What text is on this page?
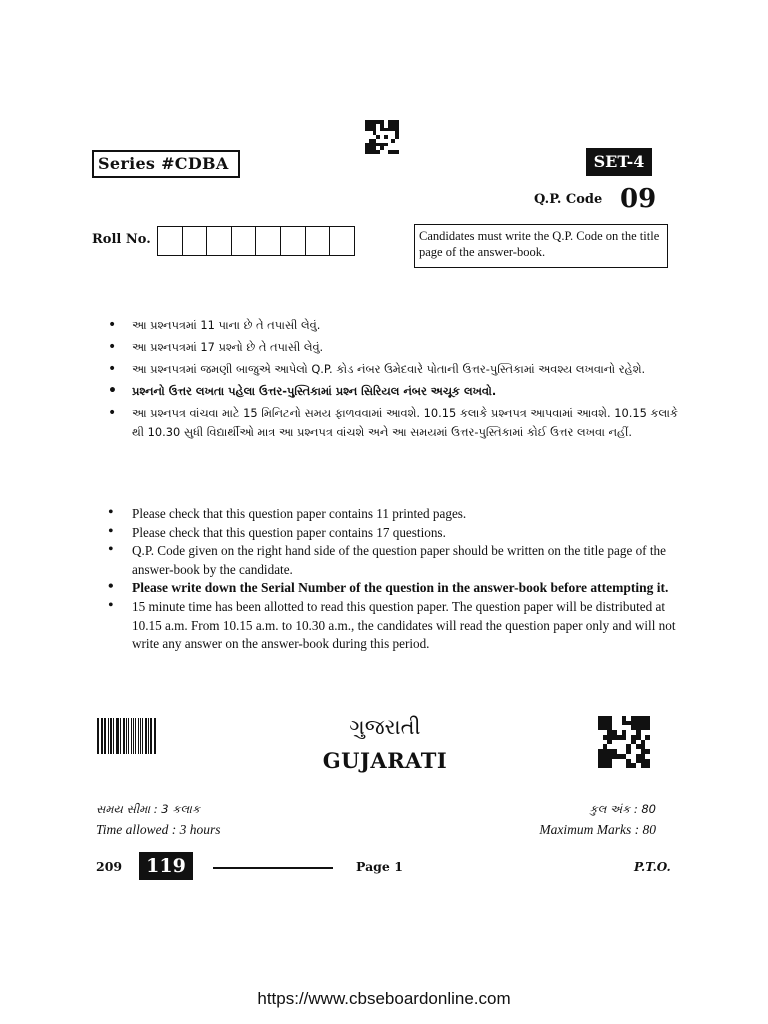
Series #CDBA	SET-4
Q.P. Code 09
Roll No.	Candidates must write the Q.P. Code on the title page of the answer-book.
• આ પ્રશ્નપત્રમાં 11 પાના છે તે તપાસી લેવું.
• આ પ્રશ્નપત્રમાં 17 પ્રશ્નો છે તે તપાસી લેવું.
• આ પ્રશ્નપત્રમાં જમણી બાજુએ આપેલો Q.P. કોડ નંબર ઉમેદવારે પોતાની ઉત્તર-પુસ્તિકામાં અવશ્ય લખવાનો રહેશે.
• પ્રશ્નનો ઉત્તર લખતા પહેલા ઉત્તર-પુસ્તિકામાં પ્રશ્ન સિરિયલ નંબર અચૂક લખવો.
• આ પ્રશ્નપત્ર વાંચવા માટે 15 મિનિટનો સમય ફાળવવામાં આવશે. 10.15 કલાકે પ્રશ્નપત્ર આપવામાં આવશે. 10.15 કલાકે થી 10.30 સુધી વિદ્યાર્થીઓ માત્ર આ પ્રશ્નપત્ર વાંચશે અને આ સમયમાં ઉત્તર-પુસ્તિકામાં કોઈ ઉત્તર લખવા નહીં.
• Please check that this question paper contains 11 printed pages.
• Please check that this question paper contains 17 questions.
• Q.P. Code given on the right hand side of the question paper should be written on the title page of the answer-book by the candidate.
• Please write down the Serial Number of the question in the answer-book before attempting it.
• 15 minute time has been allotted to read this question paper. The question paper will be distributed at 10.15 a.m. From 10.15 a.m. to 10.30 a.m., the candidates will read the question paper only and will not write any answer on the answer-book during this period.
ગુજરાતી
GUJARATI
સમય સીમા : 3 કલાક
Time allowed : 3 hours
કુલ અંક : 80
Maximum Marks : 80
209	119	Page 1	P.T.O.
https://www.cbseboardonline.com
